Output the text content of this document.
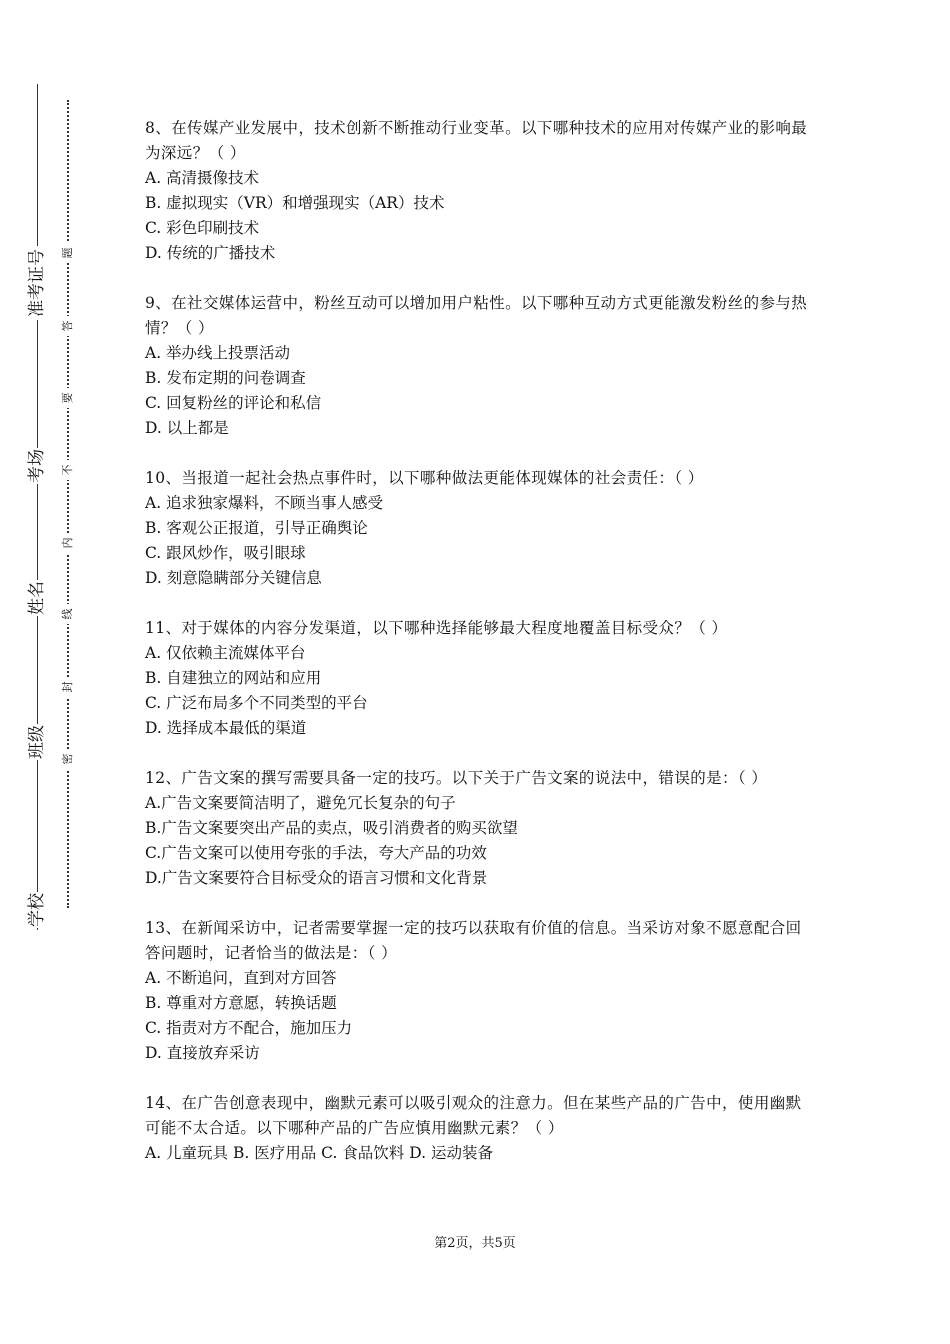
准考证号
考场
姓名
班级
学校
题
答
要
不
内
线
封
密

8、在传媒产业发展中，技术创新不断推动行业变革。以下哪种技术的应用对传媒产业的影响最为深远？（ ）

A. 高清摄像技术

B. 虚拟现实（VR）和增强现实（AR）技术

C. 彩色印刷技术

D. 传统的广播技术

9、在社交媒体运营中，粉丝互动可以增加用户粘性。以下哪种互动方式更能激发粉丝的参与热情？（ ）

A. 举办线上投票活动

B. 发布定期的问卷调查

C. 回复粉丝的评论和私信

D. 以上都是

10、当报道一起社会热点事件时，以下哪种做法更能体现媒体的社会责任：（ ）

A. 追求独家爆料，不顾当事人感受

B. 客观公正报道，引导正确舆论

C. 跟风炒作，吸引眼球

D. 刻意隐瞒部分关键信息

11、对于媒体的内容分发渠道，以下哪种选择能够最大程度地覆盖目标受众？（ ）

A. 仅依赖主流媒体平台

B. 自建独立的网站和应用

C. 广泛布局多个不同类型的平台

D. 选择成本最低的渠道

12、广告文案的撰写需要具备一定的技巧。以下关于广告文案的说法中，错误的是：（ ）

A.广告文案要简洁明了，避免冗长复杂的句子

B.广告文案要突出产品的卖点，吸引消费者的购买欲望

C.广告文案可以使用夸张的手法，夸大产品的功效

D.广告文案要符合目标受众的语言习惯和文化背景

13、在新闻采访中，记者需要掌握一定的技巧以获取有价值的信息。当采访对象不愿意配合回答问题时，记者恰当的做法是：（ ）

A. 不断追问，直到对方回答

B. 尊重对方意愿，转换话题

C. 指责对方不配合，施加压力

D. 直接放弃采访

14、在广告创意表现中，幽默元素可以吸引观众的注意力。但在某些产品的广告中，使用幽默可能不太合适。以下哪种产品的广告应慎用幽默元素？（ ）

A. 儿童玩具 B. 医疗用品 C. 食品饮料 D. 运动装备

第2页，共5页
